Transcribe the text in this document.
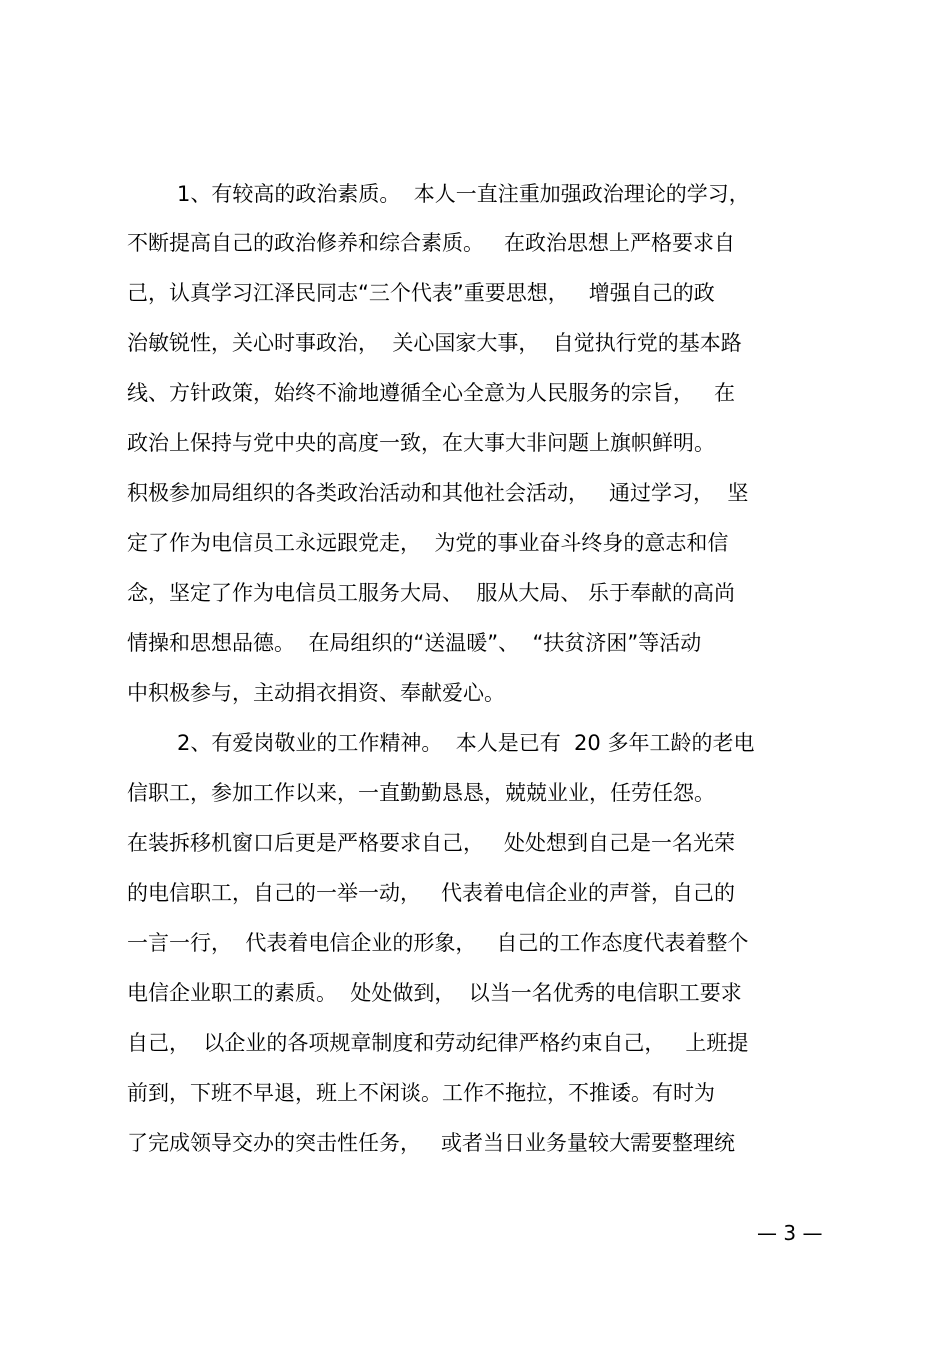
1、有较高的政治素质。  本人一直注重加强政治理论的学习，

不断提高自己的政治修养和综合素质。   在政治思想上严格要求自

己，认真学习江泽民同志“三个代表”重要思想，   增强自己的政

治敏锐性，关心时事政治，  关心国家大事，  自觉执行党的基本路

线、方针政策，始终不渝地遵循全心全意为人民服务的宗旨，   在

政治上保持与党中央的高度一致，在大事大非问题上旗帜鲜明。

积极参加局组织的各类政治活动和其他社会活动，   通过学习，  坚

定了作为电信员工永远跟党走，  为党的事业奋斗终身的意志和信

念，坚定了作为电信员工服务大局、  服从大局、 乐于奉献的高尚

情操和思想品德。  在局组织的“送温暖”、  “扶贫济困”等活动

中积极参与，主动捐衣捐资、奉献爱心。

2、有爱岗敬业的工作精神。  本人是已有  20 多年工龄的老电

信职工，参加工作以来，一直勤勤恳恳，兢兢业业，任劳任怨。

在装拆移机窗口后更是严格要求自己，   处处想到自己是一名光荣

的电信职工，自己的一举一动，   代表着电信企业的声誉，自己的

一言一行，  代表着电信企业的形象，   自己的工作态度代表着整个

电信企业职工的素质。  处处做到，  以当一名优秀的电信职工要求

自己，  以企业的各项规章制度和劳动纪律严格约束自己，   上班提

前到，下班不早退，班上不闲谈。工作不拖拉，不推诿。有时为

了完成领导交办的突击性任务，   或者当日业务量较大需要整理统

— 3 —
